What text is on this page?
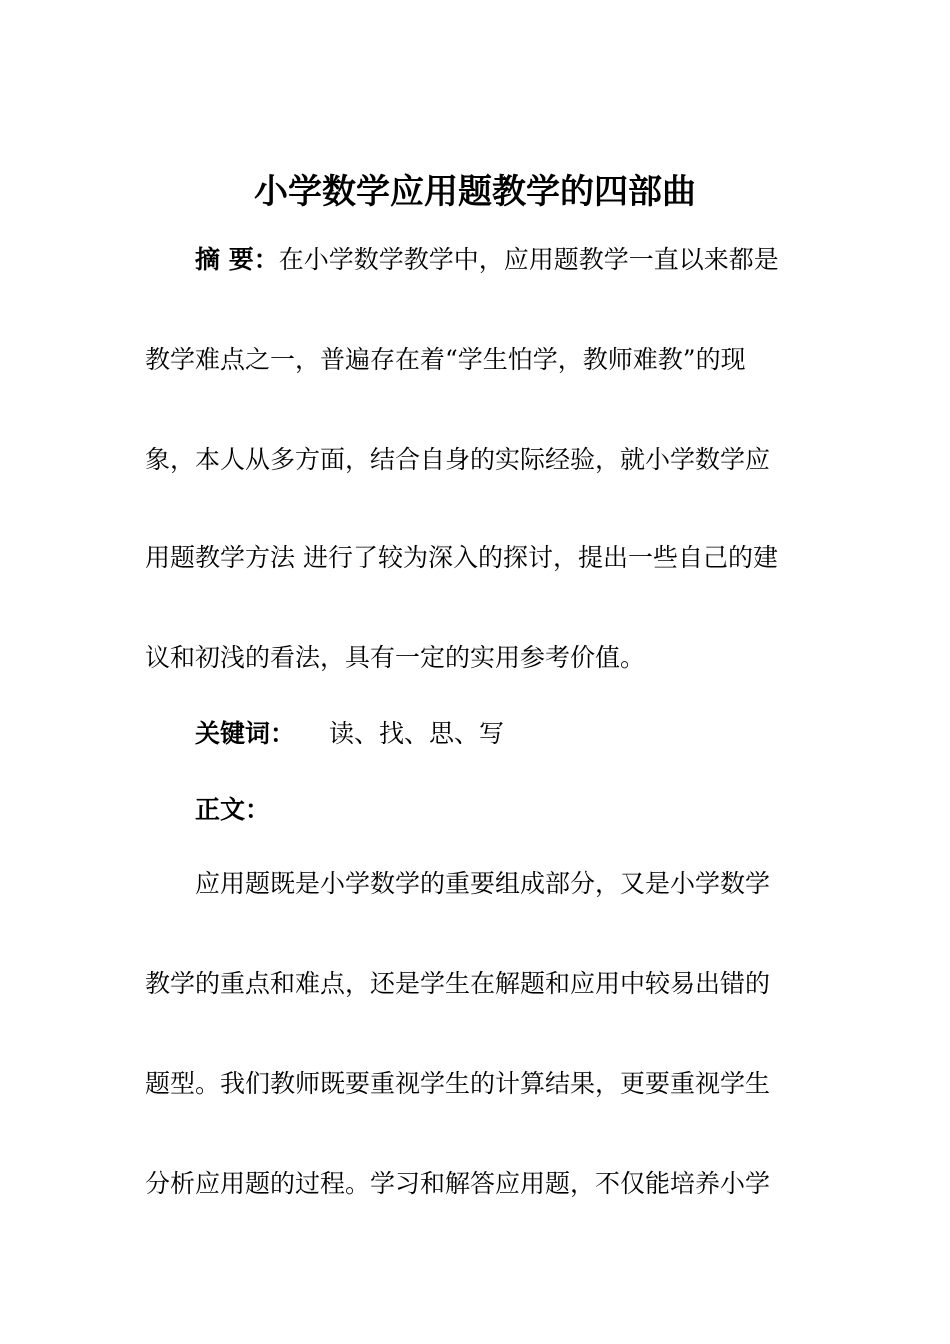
小学数学应用题教学的四部曲
摘 要：在小学数学教学中，应用题教学一直以来都是
教学难点之一，普遍存在着“学生怕学，教师难教”的现
象，本人从多方面，结合自身的实际经验，就小学数学应
用题教学方法 进行了较为深入的探讨，提出一些自己的建
议和初浅的看法，具有一定的实用参考价值。
关键词： 读、找、思、写
正文：
应用题既是小学数学的重要组成部分，又是小学数学
教学的重点和难点，还是学生在解题和应用中较易出错的
题型。我们教师既要重视学生的计算结果，更要重视学生
分析应用题的过程。学习和解答应用题，不仅能培养小学
